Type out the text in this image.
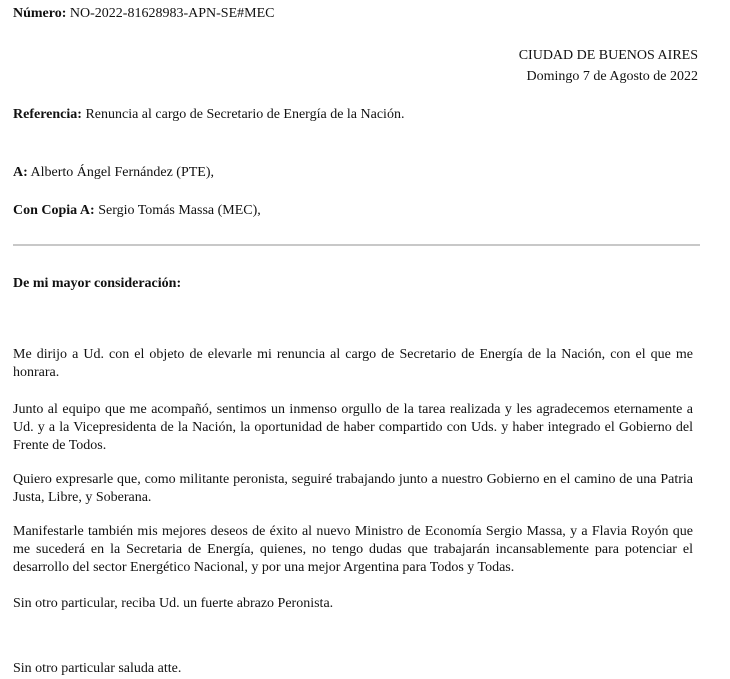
Número: NO-2022-81628983-APN-SE#MEC
CIUDAD DE BUENOS AIRES
Domingo 7 de Agosto de 2022
Referencia: Renuncia al cargo de Secretario de Energía de la Nación.
A: Alberto Ángel Fernández (PTE),
Con Copia A: Sergio Tomás Massa (MEC),
De mi mayor consideración:
Me dirijo a Ud. con el objeto de elevarle mi renuncia al cargo de Secretario de Energía de la Nación, con el que me honrara.
Junto al equipo que me acompañó, sentimos un inmenso orgullo de la tarea realizada y les agradecemos eternamente a Ud. y a la Vicepresidenta de la Nación, la oportunidad de haber compartido con Uds. y haber integrado el Gobierno del Frente de Todos.
Quiero expresarle que, como militante peronista, seguiré trabajando junto a nuestro Gobierno en el camino de una Patria Justa, Libre, y Soberana.
Manifestarle también mis mejores deseos de éxito al nuevo Ministro de Economía Sergio Massa, y a Flavia Royón que me sucederá en la Secretaria de Energía, quienes, no tengo dudas que trabajarán incansablemente para potenciar el desarrollo del sector Energético Nacional, y por una mejor Argentina para Todos y Todas.
Sin otro particular, reciba Ud. un fuerte abrazo Peronista.
Sin otro particular saluda atte.
